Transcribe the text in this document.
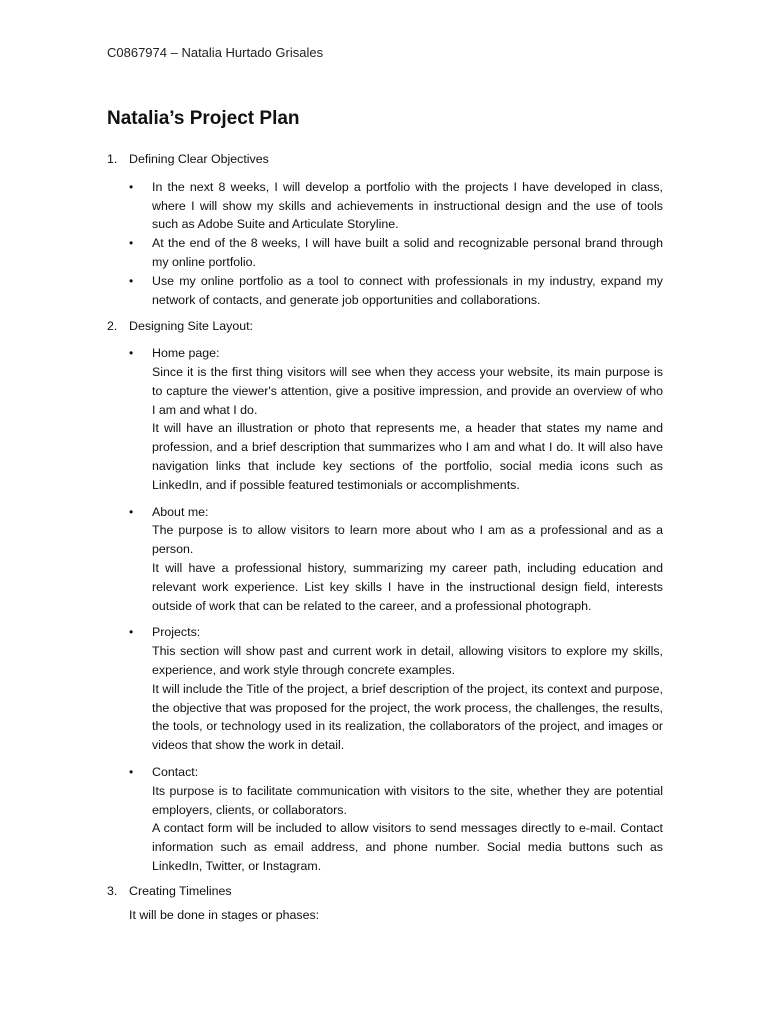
C0867974 – Natalia Hurtado Grisales
Natalia’s Project Plan
1. Defining Clear Objectives

• In the next 8 weeks, I will develop a portfolio with the projects I have developed in class, where I will show my skills and achievements in instructional design and the use of tools such as Adobe Suite and Articulate Storyline.

• At the end of the 8 weeks, I will have built a solid and recognizable personal brand through my online portfolio.

• Use my online portfolio as a tool to connect with professionals in my industry, expand my network of contacts, and generate job opportunities and collaborations.

2. Designing Site Layout:

• Home page:

Since it is the first thing visitors will see when they access your website, its main purpose is to capture the viewer's attention, give a positive impression, and provide an overview of who I am and what I do.

It will have an illustration or photo that represents me, a header that states my name and profession, and a brief description that summarizes who I am and what I do. It will also have navigation links that include key sections of the portfolio, social media icons such as LinkedIn, and if possible featured testimonials or accomplishments.

• About me:

The purpose is to allow visitors to learn more about who I am as a professional and as a person.

It will have a professional history, summarizing my career path, including education and relevant work experience. List key skills I have in the instructional design field, interests outside of work that can be related to the career, and a professional photograph.

• Projects:

This section will show past and current work in detail, allowing visitors to explore my skills, experience, and work style through concrete examples.

It will include the Title of the project, a brief description of the project, its context and purpose, the objective that was proposed for the project, the work process, the challenges, the results, the tools, or technology used in its realization, the collaborators of the project, and images or videos that show the work in detail.

• Contact:

Its purpose is to facilitate communication with visitors to the site, whether they are potential employers, clients, or collaborators.

A contact form will be included to allow visitors to send messages directly to e-mail. Contact information such as email address, and phone number. Social media buttons such as LinkedIn, Twitter, or Instagram.

3. Creating Timelines

It will be done in stages or phases:
